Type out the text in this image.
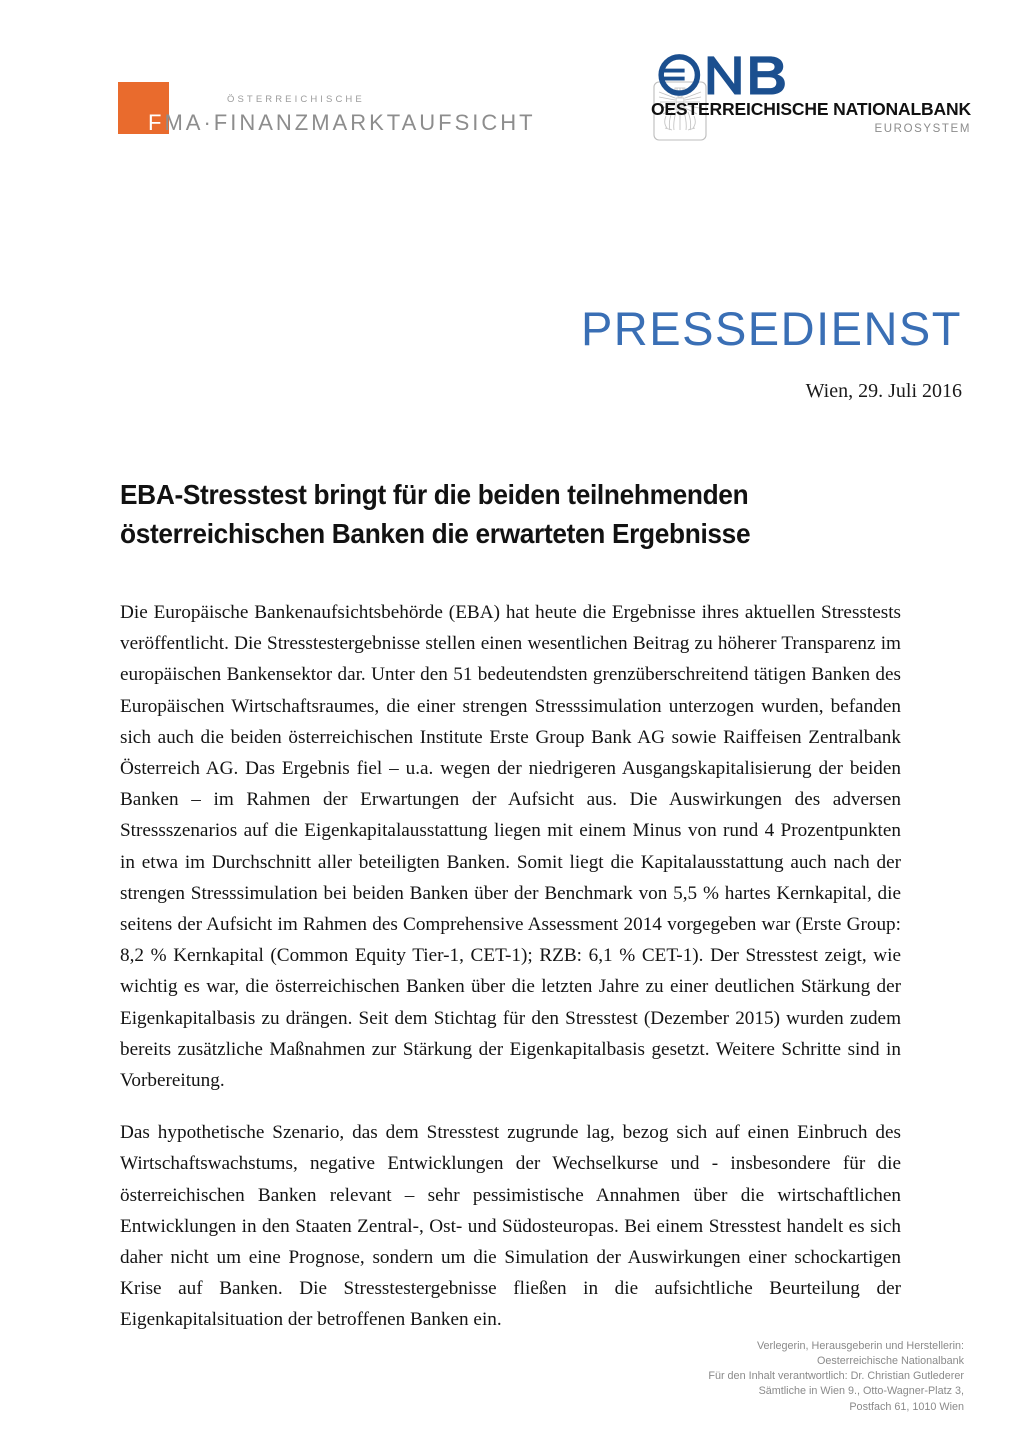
ÖSTERREICHISCHE
FMA·FINANZMARKTAUFSICHT
OESTERREICHISCHE NATIONALBANK
EUROSYSTEM
PRESSEDIENST
Wien, 29. Juli 2016
EBA-Stresstest bringt für die beiden teilnehmenden
österreichischen Banken die erwarteten Ergebnisse

Die Europäische Bankenaufsichtsbehörde (EBA) hat heute die Ergebnisse ihres aktuellen Stresstests veröffentlicht. Die Stresstestergebnisse stellen einen wesentlichen Beitrag zu höherer Transparenz im europäischen Bankensektor dar. Unter den 51 bedeutendsten grenzüberschreitend tätigen Banken des Europäischen Wirtschaftsraumes, die einer strengen Stresssimulation unterzogen wurden, befanden sich auch die beiden österreichischen Institute Erste Group Bank AG sowie Raiffeisen Zentralbank Österreich AG. Das Ergebnis fiel – u.a. wegen der niedrigeren Ausgangskapitalisierung der beiden Banken – im Rahmen der Erwartungen der Aufsicht aus. Die Auswirkungen des adversen Stressszenarios auf die Eigenkapitalausstattung liegen mit einem Minus von rund 4 Prozentpunkten in etwa im Durchschnitt aller beteiligten Banken. Somit liegt die Kapitalausstattung auch nach der strengen Stresssimulation bei beiden Banken über der Benchmark von 5,5 % hartes Kernkapital, die seitens der Aufsicht im Rahmen des Comprehensive Assessment 2014 vorgegeben war (Erste Group: 8,2 % Kernkapital (Common Equity Tier-1, CET-1); RZB: 6,1 % CET-1). Der Stresstest zeigt, wie wichtig es war, die österreichischen Banken über die letzten Jahre zu einer deutlichen Stärkung der Eigenkapitalbasis zu drängen. Seit dem Stichtag für den Stresstest (Dezember 2015) wurden zudem bereits zusätzliche Maßnahmen zur Stärkung der Eigenkapitalbasis gesetzt. Weitere Schritte sind in Vorbereitung.

Das hypothetische Szenario, das dem Stresstest zugrunde lag, bezog sich auf einen Einbruch des Wirtschaftswachstums, negative Entwicklungen der Wechselkurse und - insbesondere für die österreichischen Banken relevant – sehr pessimistische Annahmen über die wirtschaftlichen Entwicklungen in den Staaten Zentral-, Ost- und Südosteuropas. Bei einem Stresstest handelt es sich daher nicht um eine Prognose, sondern um die Simulation der Auswirkungen einer schockartigen Krise auf Banken. Die Stresstestergebnisse fließen in die aufsichtliche Beurteilung der Eigenkapitalsituation der betroffenen Banken ein.

Verlegerin, Herausgeberin und Herstellerin:
Oesterreichische Nationalbank
Für den Inhalt verantwortlich: Dr. Christian Gutlederer
Sämtliche in Wien 9., Otto-Wagner-Platz 3,
Postfach 61, 1010 Wien
